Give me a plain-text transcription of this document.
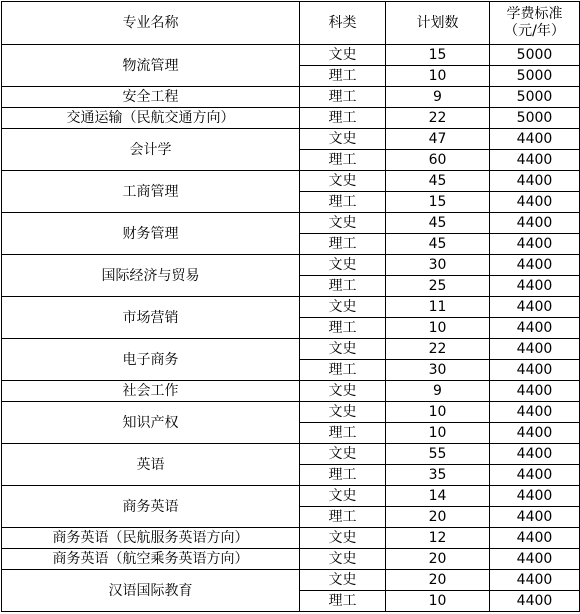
专业名称	科类	计划数	学费标准
（元/年）
物流管理	文史	15	5000
	理工	10	5000
安全工程	理工	9	5000
交通运输（民航交通方向）	理工	22	5000
会计学	文史	47	4400
	理工	60	4400
工商管理	文史	45	4400
	理工	15	4400
财务管理	文史	45	4400
	理工	45	4400
国际经济与贸易	文史	30	4400
	理工	25	4400
市场营销	文史	11	4400
	理工	10	4400
电子商务	文史	22	4400
	理工	30	4400
社会工作	文史	9	4400
知识产权	文史	10	4400
	理工	10	4400
英语	文史	55	4400
	理工	35	4400
商务英语	文史	14	4400
	理工	20	4400
商务英语（民航服务英语方向）	文史	12	4400
商务英语（航空乘务英语方向）	文史	20	4400
汉语国际教育	文史	20	4400
	理工	10	4400
